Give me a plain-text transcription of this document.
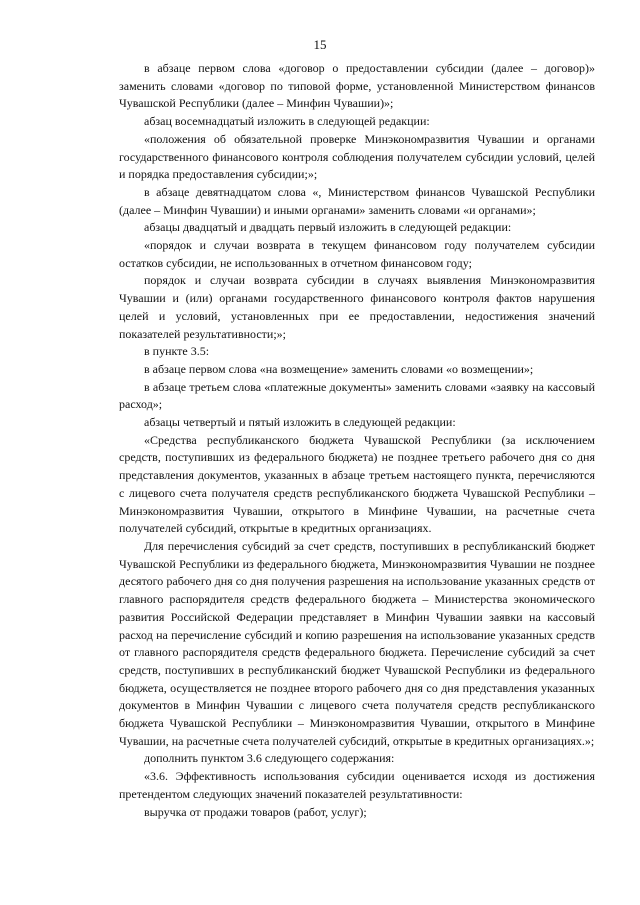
15

в абзаце первом слова «договор о предоставлении субсидии (далее – договор)» заменить словами «договор по типовой форме, установленной Министерством финансов Чувашской Республики (далее – Минфин Чувашии)»;

абзац восемнадцатый изложить в следующей редакции:

«положения об обязательной проверке Минэкономразвития Чувашии и органами государственного финансового контроля соблюдения получателем субсидии условий, целей и порядка предоставления субсидии;»;

в абзаце девятнадцатом слова «, Министерством финансов Чувашской Республики (далее – Минфин Чувашии) и иными органами» заменить словами «и органами»;

абзацы двадцатый и двадцать первый изложить в следующей редакции:

«порядок и случаи возврата в текущем финансовом году получателем субсидии остатков субсидии, не использованных в отчетном финансовом году;

порядок и случаи возврата субсидии в случаях выявления Минэкономразвития Чувашии и (или) органами государственного финансового контроля фактов нарушения целей и условий, установленных при ее предоставлении, недостижения значений показателей результативности;»;

в пункте 3.5:

в абзаце первом слова «на возмещение» заменить словами «о возмещении»;

в абзаце третьем слова «платежные документы» заменить словами «заявку на кассовый расход»;

абзацы четвертый и пятый изложить в следующей редакции:

«Средства республиканского бюджета Чувашской Республики (за исключением средств, поступивших из федерального бюджета) не позднее третьего рабочего дня со дня представления документов, указанных в абзаце третьем настоящего пункта, перечисляются с лицевого счета получателя средств республиканского бюджета Чувашской Республики – Минэкономразвития Чувашии, открытого в Минфине Чувашии, на расчетные счета получателей субсидий, открытые в кредитных организациях.

Для перечисления субсидий за счет средств, поступивших в республиканский бюджет Чувашской Республики из федерального бюджета, Минэкономразвития Чувашии не позднее десятого рабочего дня со дня получения разрешения на использование указанных средств от главного распорядителя средств федерального бюджета – Министерства экономического развития Российской Федерации представляет в Минфин Чувашии заявки на кассовый расход на перечисление субсидий и копию разрешения на использование указанных средств от главного распорядителя средств федерального бюджета. Перечисление субсидий за счет средств, поступивших в республиканский бюджет Чувашской Республики из федерального бюджета, осуществляется не позднее второго рабочего дня со дня представления указанных документов в Минфин Чувашии с лицевого счета получателя средств республиканского бюджета Чувашской Республики – Минэкономразвития Чувашии, открытого в Минфине Чувашии, на расчетные счета получателей субсидий, открытые в кредитных организациях.»;

дополнить пунктом 3.6 следующего содержания:

«3.6. Эффективность использования субсидии оценивается исходя из достижения претендентом следующих значений показателей результативности:

выручка от продажи товаров (работ, услуг);
